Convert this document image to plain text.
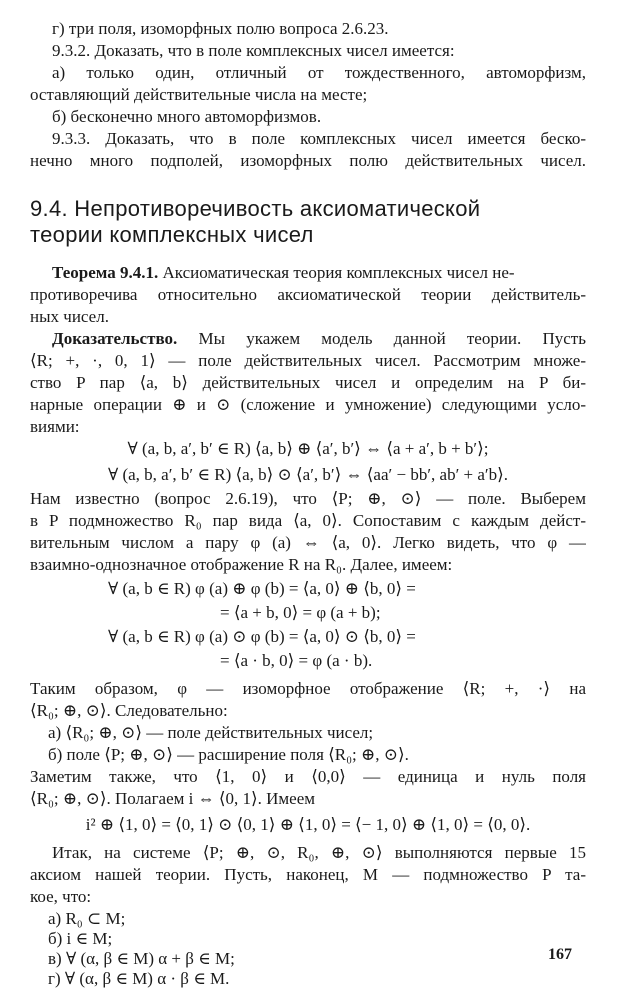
г) три поля, изоморфных полю вопроса 2.6.23.
9.3.2. Доказать, что в поле комплексных чисел имеется:
а) только один, отличный от тождественного, автоморфизм,
оставляющий действительные числа на месте;
б) бесконечно много автоморфизмов.
9.3.3. Доказать, что в поле комплексных чисел имеется беско-
нечно много подполей, изоморфных полю действительных чисел.
9.4. Непротиворечивость аксиоматической
теории комплексных чисел
Теорема 9.4.1. Аксиоматическая теория комплексных чисел не-
противоречива относительно аксиоматической теории действитель-
ных чисел.
Доказательство. Мы укажем модель данной теории. Пусть
⟨R; +, ·, 0, 1⟩ — поле действительных чисел. Рассмотрим множе-
ство P пар ⟨a, b⟩ действительных чисел и определим на P би-
нарные операции ⊕ и ⊙ (сложение и умножение) следующими усло-
виями:
∀ (a, b, a′, b′ ∈ R) ⟨a, b⟩ ⊕ ⟨a′, b′⟩ ⇔ ⟨a + a′, b + b′⟩;
∀ (a, b, a′, b′ ∈ R) ⟨a, b⟩ ⊙ ⟨a′, b′⟩ ⇔ ⟨aa′ − bb′, ab′ + a′b⟩.
Нам известно (вопрос 2.6.19), что ⟨P; ⊕, ⊙⟩ — поле. Выберем
в P подмножество R₀ пар вида ⟨a, 0⟩. Сопоставим с каждым дейст-
вительным числом a пару φ (a) ⇔ ⟨a, 0⟩. Легко видеть, что φ —
взаимно-однозначное отображение R на R₀. Далее, имеем:
∀ (a, b ∈ R) φ (a) ⊕ φ (b) = ⟨a, 0⟩ ⊕ ⟨b, 0⟩ =
= ⟨a + b, 0⟩ = φ (a + b);
∀ (a, b ∈ R) φ (a) ⊙ φ (b) = ⟨a, 0⟩ ⊙ ⟨b, 0⟩ =
= ⟨a · b, 0⟩ = φ (a · b).
Таким образом, φ — изоморфное отображение ⟨R; +, ·⟩ на
⟨R₀; ⊕, ⊙⟩. Следовательно:
а) ⟨R₀; ⊕, ⊙⟩ — поле действительных чисел;
б) поле ⟨P; ⊕, ⊙⟩ — расширение поля ⟨R₀; ⊕, ⊙⟩.
Заметим также, что ⟨1, 0⟩ и ⟨0,0⟩ — единица и нуль поля
⟨R₀; ⊕, ⊙⟩. Полагаем i ⇔ ⟨0, 1⟩. Имеем
i² ⊕ ⟨1, 0⟩ = ⟨0, 1⟩ ⊙ ⟨0, 1⟩ ⊕ ⟨1, 0⟩ = ⟨− 1, 0⟩ ⊕ ⟨1, 0⟩ = ⟨0, 0⟩.
Итак, на системе ⟨P; ⊕, ⊙, R₀, ⊕, ⊙⟩ выполняются первые 15
аксиом нашей теории. Пусть, наконец, M — подмножество P та-
кое, что:
а) R₀ ⊂ M;
б) i ∈ M;
в) ∀ (α, β ∈ M) α + β ∈ M;
г) ∀ (α, β ∈ M) α · β ∈ M.
167
